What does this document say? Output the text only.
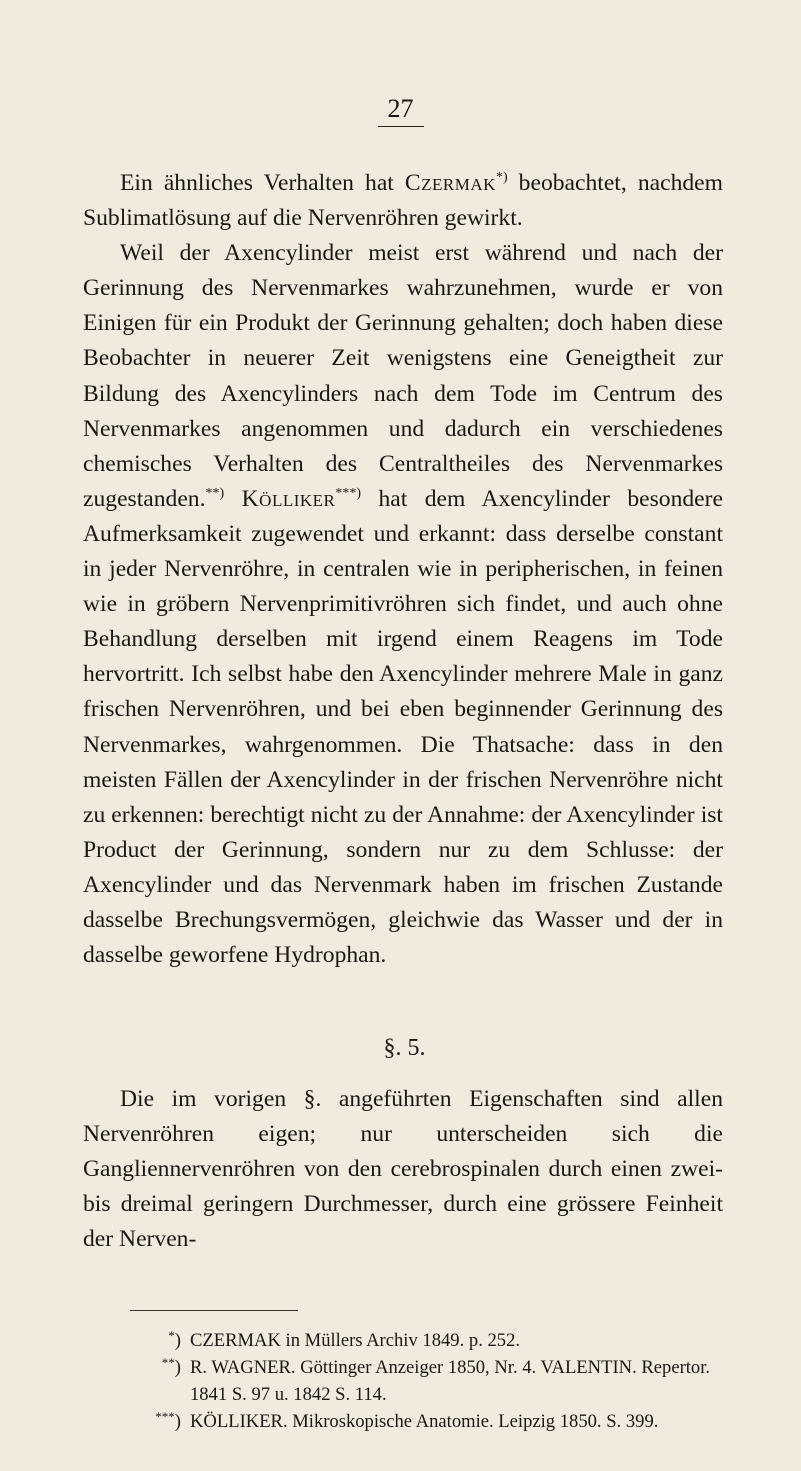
27

Ein ähnliches Verhalten hat Czermak*) beobachtet, nachdem Sublimatlösung auf die Nervenröhren gewirkt.

Weil der Axencylinder meist erst während und nach der Gerinnung des Nervenmarkes wahrzunehmen, wurde er von Einigen für ein Produkt der Gerinnung gehalten; doch haben diese Beobachter in neuerer Zeit wenigstens eine Geneigtheit zur Bildung des Axencylinders nach dem Tode im Centrum des Nervenmarkes angenommen und dadurch ein verschiedenes chemisches Verhalten des Centraltheiles des Nervenmarkes zugestanden.**) Kölliker***) hat dem Axencylinder besondere Aufmerksamkeit zugewendet und erkannt: dass derselbe constant in jeder Nervenröhre, in centralen wie in peripherischen, in feinen wie in gröbern Nervenprimitivröhren sich findet, und auch ohne Behandlung derselben mit irgend einem Reagens im Tode hervortritt. Ich selbst habe den Axencylinder mehrere Male in ganz frischen Nervenröhren, und bei eben beginnender Gerinnung des Nervenmarkes, wahrgenommen. Die Thatsache: dass in den meisten Fällen der Axencylinder in der frischen Nervenröhre nicht zu erkennen: berechtigt nicht zu der Annahme: der Axencylinder ist Product der Gerinnung, sondern nur zu dem Schlusse: der Axencylinder und das Nervenmark haben im frischen Zustande dasselbe Brechungsvermögen, gleichwie das Wasser und der in dasselbe geworfene Hydrophan.

§. 5.

Die im vorigen §. angeführten Eigenschaften sind allen Nervenröhren eigen; nur unterscheiden sich die Gangliennervenröhren von den cerebrospinalen durch einen zwei- bis dreimal geringern Durchmesser, durch eine grössere Feinheit der Nerven-

*) CZERMAK in Müllers Archiv 1849. p. 252.

**) R. WAGNER. Göttinger Anzeiger 1850, Nr. 4. VALENTIN. Repertor. 1841 S. 97 u. 1842 S. 114.

***) KÖLLIKER. Mikroskopische Anatomie. Leipzig 1850. S. 399.
